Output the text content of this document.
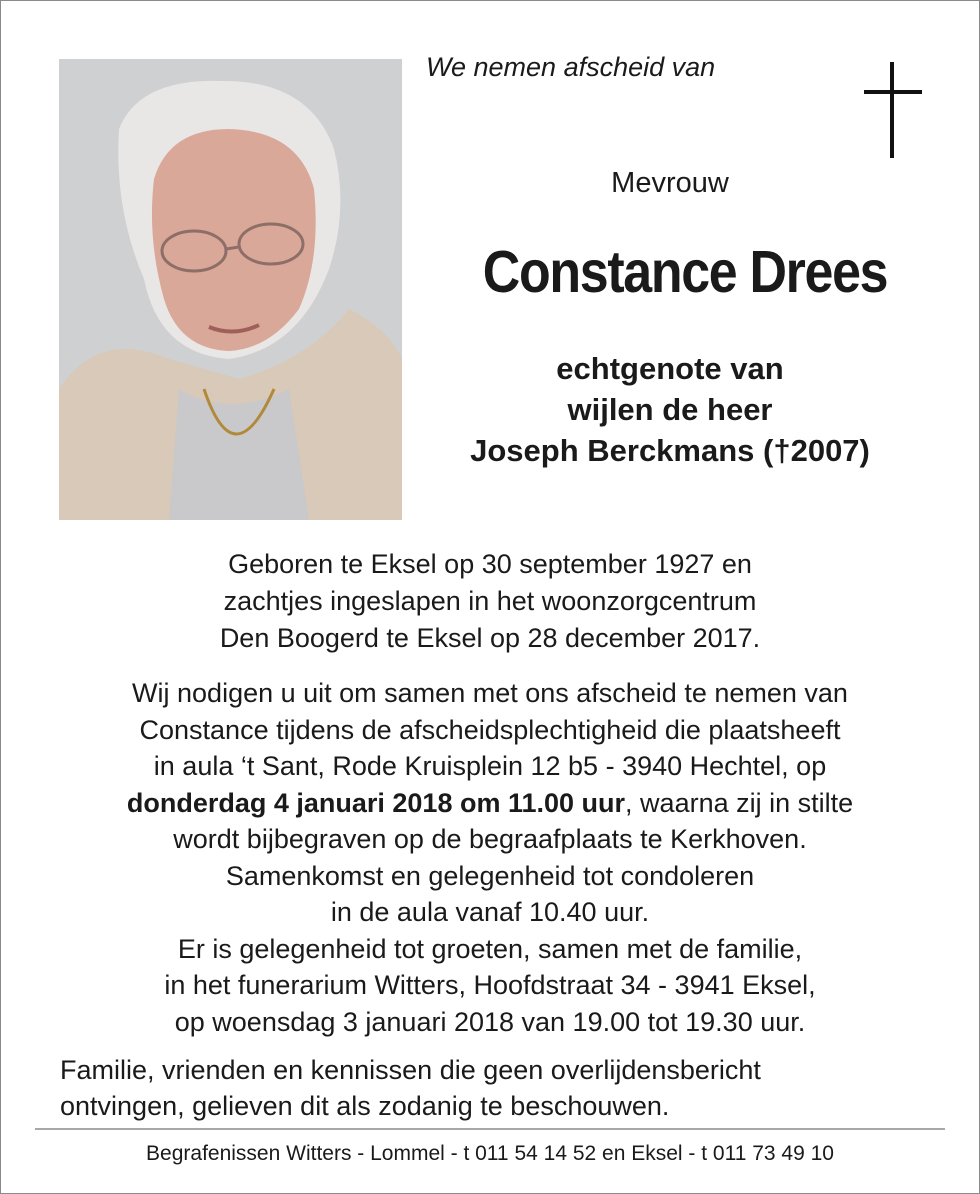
We nemen afscheid van
Mevrouw
Constance Drees
echtgenote van
wijlen de heer
Joseph Berckmans (†2007)
Geboren te Eksel op 30 september 1927 en
zachtjes ingeslapen in het woonzorgcentrum
Den Boogerd te Eksel op 28 december 2017.
Wij nodigen u uit om samen met ons afscheid te nemen van
Constance tijdens de afscheidsplechtigheid die plaatsheeft
in aula ‘t Sant, Rode Kruisplein 12 b5 - 3940 Hechtel, op
donderdag 4 januari 2018 om 11.00 uur, waarna zij in stilte
wordt bijbegraven op de begraafplaats te Kerkhoven.
Samenkomst en gelegenheid tot condoleren
in de aula vanaf 10.40 uur.
Er is gelegenheid tot groeten, samen met de familie,
in het funerarium Witters, Hoofdstraat 34 - 3941 Eksel,
op woensdag 3 januari 2018 van 19.00 tot 19.30 uur.
Familie, vrienden en kennissen die geen overlijdensbericht
ontvingen, gelieven dit als zodanig te beschouwen.
Begrafenissen Witters - Lommel - t 011 54 14 52 en Eksel - t 011 73 49 10
